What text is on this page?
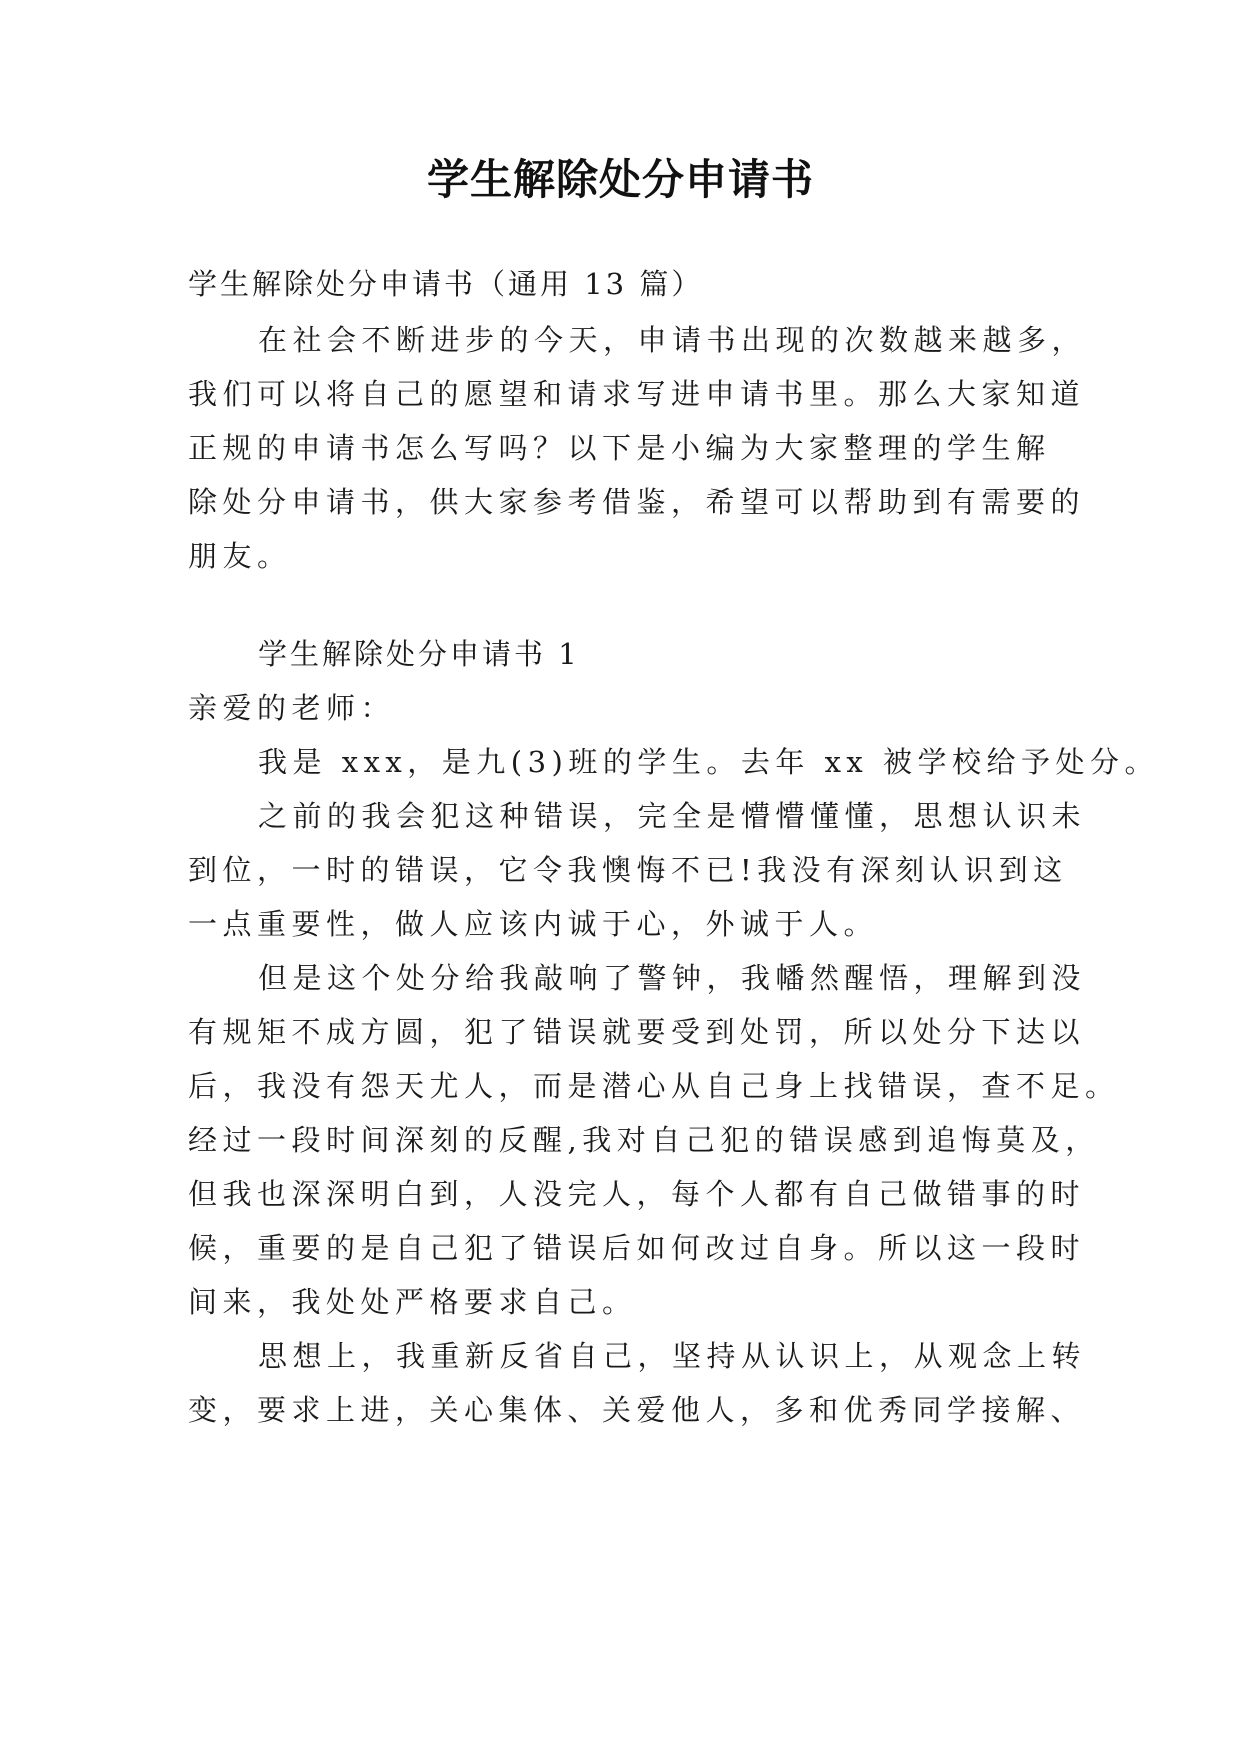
学生解除处分申请书
学生解除处分申请书（通用 13 篇）
在社会不断进步的今天，申请书出现的次数越来越多，
我们可以将自己的愿望和请求写进申请书里。那么大家知道
正规的申请书怎么写吗？以下是小编为大家整理的学生解
除处分申请书，供大家参考借鉴，希望可以帮助到有需要的
朋友。
学生解除处分申请书 1
亲爱的老师：
我是 xxx，是九(3)班的学生。去年 xx 被学校给予处分。
之前的我会犯这种错误，完全是懵懵懂懂，思想认识未
到位，一时的错误，它令我懊悔不已!我没有深刻认识到这
一点重要性，做人应该内诚于心，外诚于人。
但是这个处分给我敲响了警钟，我幡然醒悟，理解到没
有规矩不成方圆，犯了错误就要受到处罚，所以处分下达以
后，我没有怨天尤人，而是潜心从自己身上找错误，查不足。
经过一段时间深刻的反醒,我对自己犯的错误感到追悔莫及，
但我也深深明白到，人没完人，每个人都有自己做错事的时
候，重要的是自己犯了错误后如何改过自身。所以这一段时
间来，我处处严格要求自己。
思想上，我重新反省自己，坚持从认识上，从观念上转
变，要求上进，关心集体、关爱他人，多和优秀同学接解、
